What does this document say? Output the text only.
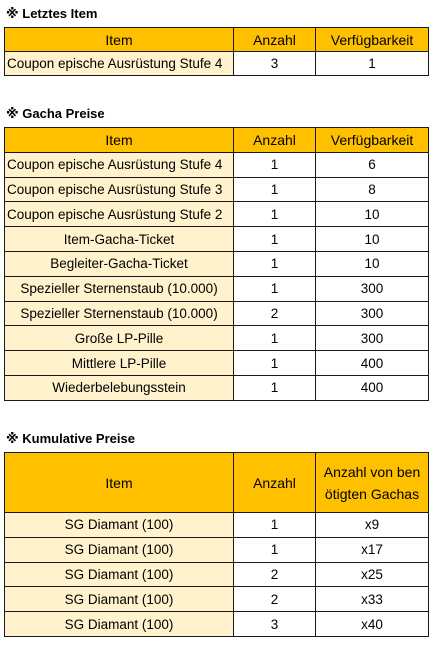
※ Letztes Item
Item	Anzahl	Verfügbarkeit
Coupon epische Ausrüstung Stufe 4	3	1
※ Gacha Preise
Item	Anzahl	Verfügbarkeit
Coupon epische Ausrüstung Stufe 4	1	6
Coupon epische Ausrüstung Stufe 3	1	8
Coupon epische Ausrüstung Stufe 2	1	10
Item-Gacha-Ticket	1	10
Begleiter-Gacha-Ticket	1	10
Spezieller Sternenstaub (10.000)	1	300
Spezieller Sternenstaub (10.000)	2	300
Große LP-Pille	1	300
Mittlere LP-Pille	1	400
Wiederbelebungsstein	1	400
※ Kumulative Preise
Item	Anzahl	Anzahl von ben ötigten Gachas
SG Diamant (100)	1	x9
SG Diamant (100)	1	x17
SG Diamant (100)	2	x25
SG Diamant (100)	2	x33
SG Diamant (100)	3	x40
